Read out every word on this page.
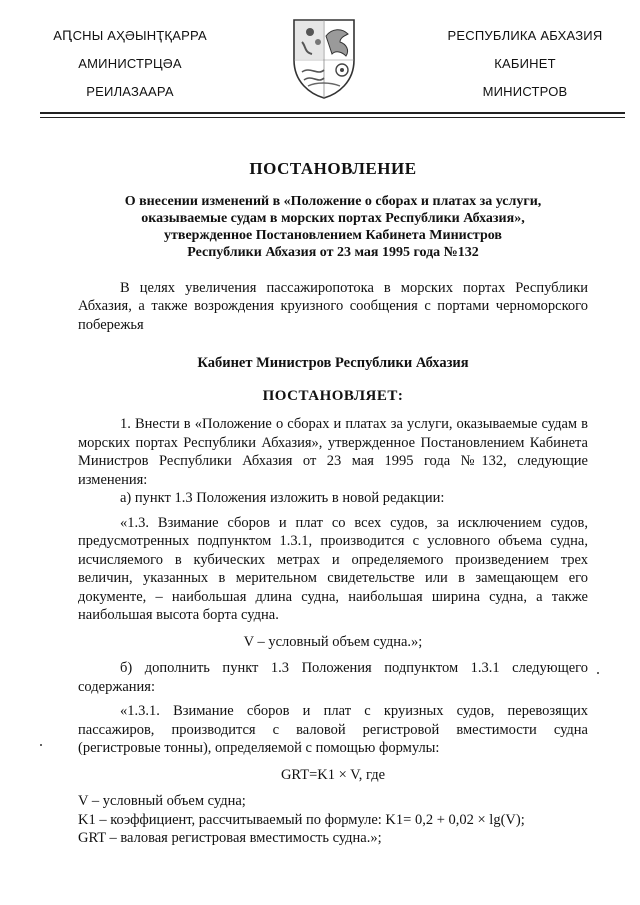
АԤСНЫ АҲӘЫНҬҚАРРА
АМИНИСТРЦӘА
РЕИЛАЗААРА
РЕСПУБЛИКА АБХАЗИЯ
КАБИНЕТ
МИНИСТРОВ
ПОСТАНОВЛЕНИЕ
О внесении изменений в «Положение о сборах и платах за услуги,
оказываемые судам в морских портах Республики Абхазия»,
утвержденное Постановлением Кабинета Министров
Республики Абхазия от 23 мая 1995 года №132

В целях увеличения пассажиропотока в морских портах Республики Абхазия, а также возрождения круизного сообщения с портами черноморского побережья

Кабинет Министров Республики Абхазия

ПОСТАНОВЛЯЕТ:

1. Внести в «Положение о сборах и платах за услуги, оказываемые судам в морских портах Республики Абхазия», утвержденное Постановлением Кабинета Министров Республики Абхазия от 23 мая 1995 года №132, следующие изменения:

а) пункт 1.3 Положения изложить в новой редакции:

«1.3. Взимание сборов и плат со всех судов, за исключением судов, предусмотренных подпунктом 1.3.1, производится с условного объема судна, исчисляемого в кубических метрах и определяемого произведением трех величин, указанных в мерительном свидетельстве или в замещающем его документе, – наибольшая длина судна, наибольшая ширина судна, а также наибольшая высота борта судна.

V – условный объем судна.»;

б) дополнить пункт 1.3 Положения подпунктом 1.3.1 следующего содержания:

«1.3.1. Взимание сборов и плат с круизных судов, перевозящих пассажиров, производится с валовой регистровой вместимости судна (регистровые тонны), определяемой с помощью формулы:

GRT=K1 × V, где

V – условный объем судна;

K1 – коэффициент, рассчитываемый по формуле: K1= 0,2 + 0,02 × lg(V);

GRT – валовая регистровая вместимость судна.»;
